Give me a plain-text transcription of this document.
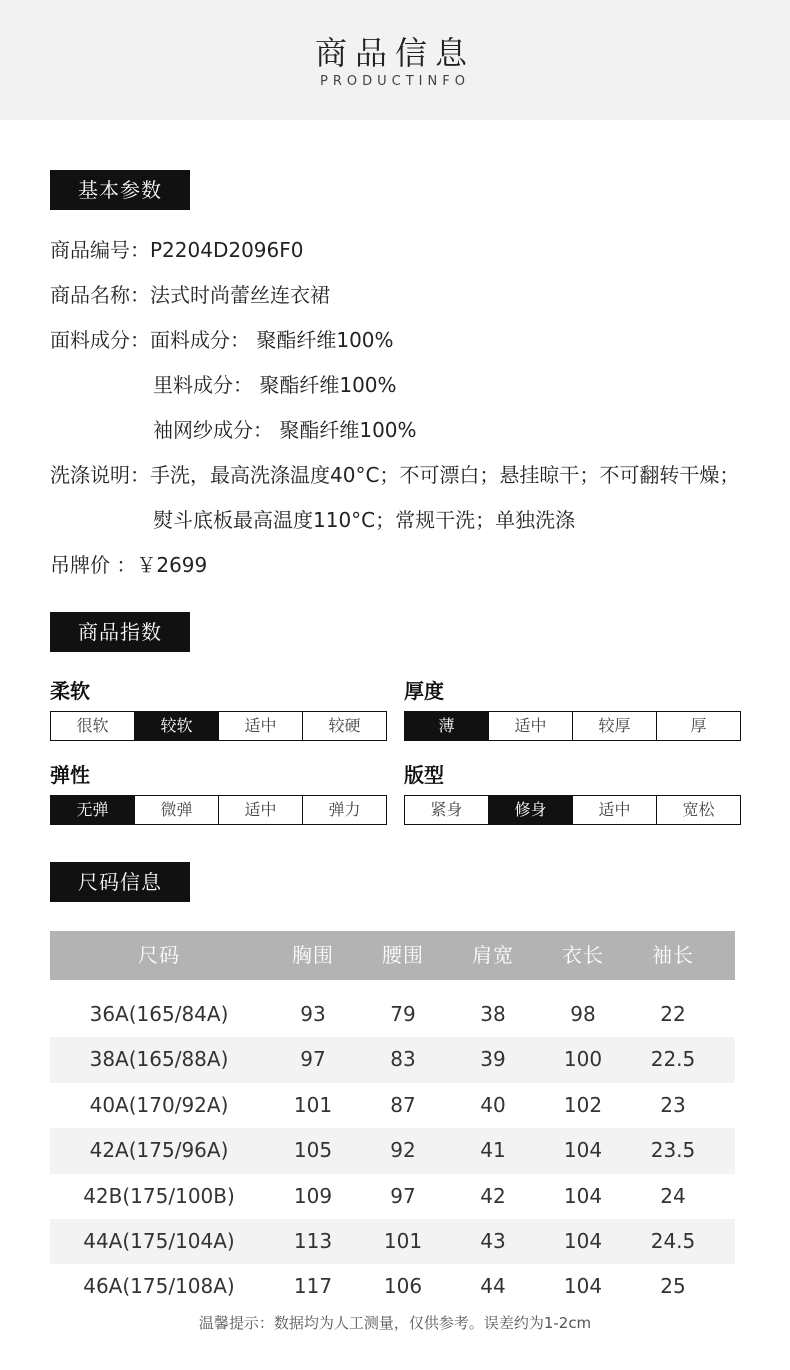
商品信息
PRODUCTINFO
基本参数
商品编号：P2204D2096F0
商品名称：法式时尚蕾丝连衣裙
面料成分：面料成分： 聚酯纤维100%
里料成分： 聚酯纤维100%
袖网纱成分： 聚酯纤维100%
洗涤说明：手洗，最高洗涤温度40°C；不可漂白；悬挂晾干；不可翻转干燥；
熨斗底板最高温度110°C；常规干洗；单独洗涤
吊牌价 ：￥2699
商品指数
柔软
很软	较软	适中	较硬
厚度
薄	适中	较厚	厚
弹性
无弹	微弹	适中	弹力
版型
紧身	修身	适中	宽松
尺码信息
尺码	胸围	腰围	肩宽	衣长	袖长
36A(165/84A)	93	79	38	98	22
38A(165/88A)	97	83	39	100	22.5
40A(170/92A)	101	87	40	102	23
42A(175/96A)	105	92	41	104	23.5
42B(175/100B)	109	97	42	104	24
44A(175/104A)	113	101	43	104	24.5
46A(175/108A)	117	106	44	104	25
温馨提示：数据均为人工测量，仅供参考。误差约为1-2cm
